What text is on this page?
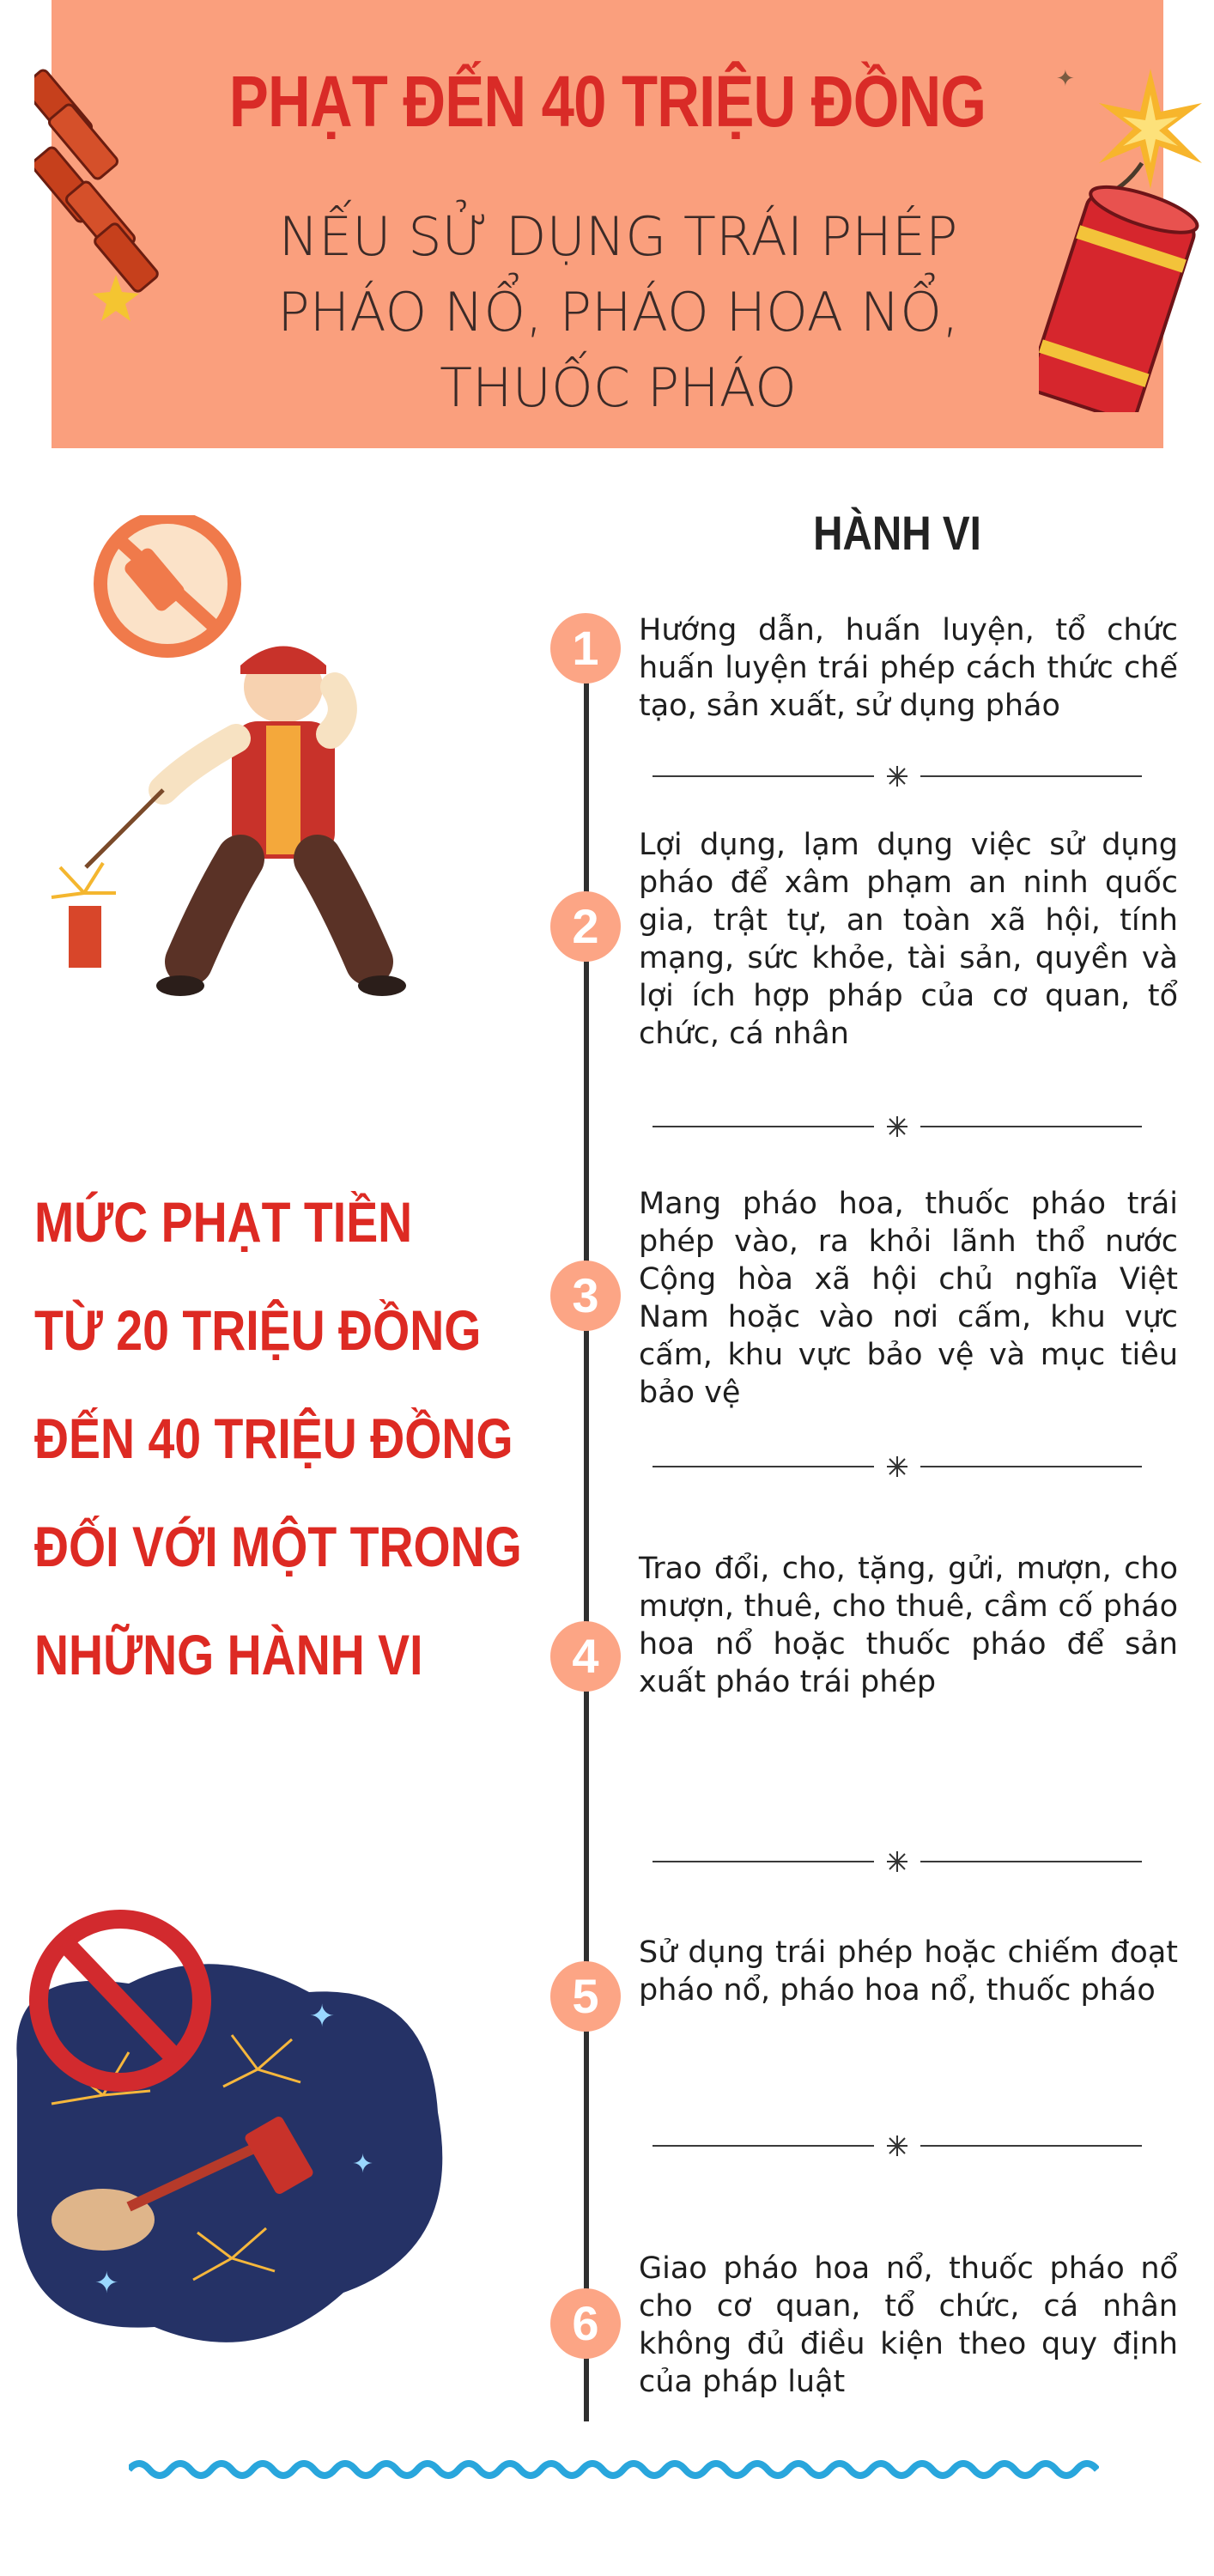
PHẠT ĐẾN 40 TRIỆU ĐỒNG
NẾU SỬ DỤNG TRÁI PHÉP
PHÁO NỔ, PHÁO HOA NỔ,
THUỐC PHÁO
✦
HÀNH VI
MỨC PHẠT TIỀN
TỪ 20 TRIỆU ĐỒNG
ĐẾN 40 TRIỆU ĐỒNG
ĐỐI VỚI MỘT TRONG
NHỮNG HÀNH VI
✦
✦
✦
1	Hướng dẫn, huấn luyện, tổ chức huấn luyện trái phép cách thức chế tạo, sản xuất, sử dụng pháo
2
Lợi dụng, lạm dụng việc sử dụng pháo để xâm phạm an ninh quốc gia, trật tự, an toàn xã hội, tính mạng, sức khỏe, tài sản, quyền và lợi ích hợp pháp của cơ quan, tổ chức, cá nhân
3
Mang pháo hoa, thuốc pháo trái phép vào, ra khỏi lãnh thổ nước Cộng hòa xã hội chủ nghĩa Việt Nam hoặc vào nơi cấm, khu vực cấm, khu vực bảo vệ và mục tiêu bảo vệ
4
Trao đổi, cho, tặng, gửi, mượn, cho mượn, thuê, cho thuê, cầm cố pháo hoa nổ hoặc thuốc pháo để sản xuất pháo trái phép
5
Sử dụng trái phép hoặc chiếm đoạt pháo nổ, pháo hoa nổ, thuốc pháo
6
Giao pháo hoa nổ, thuốc pháo nổ cho cơ quan, tổ chức, cá nhân không đủ điều kiện theo quy định của pháp luật
